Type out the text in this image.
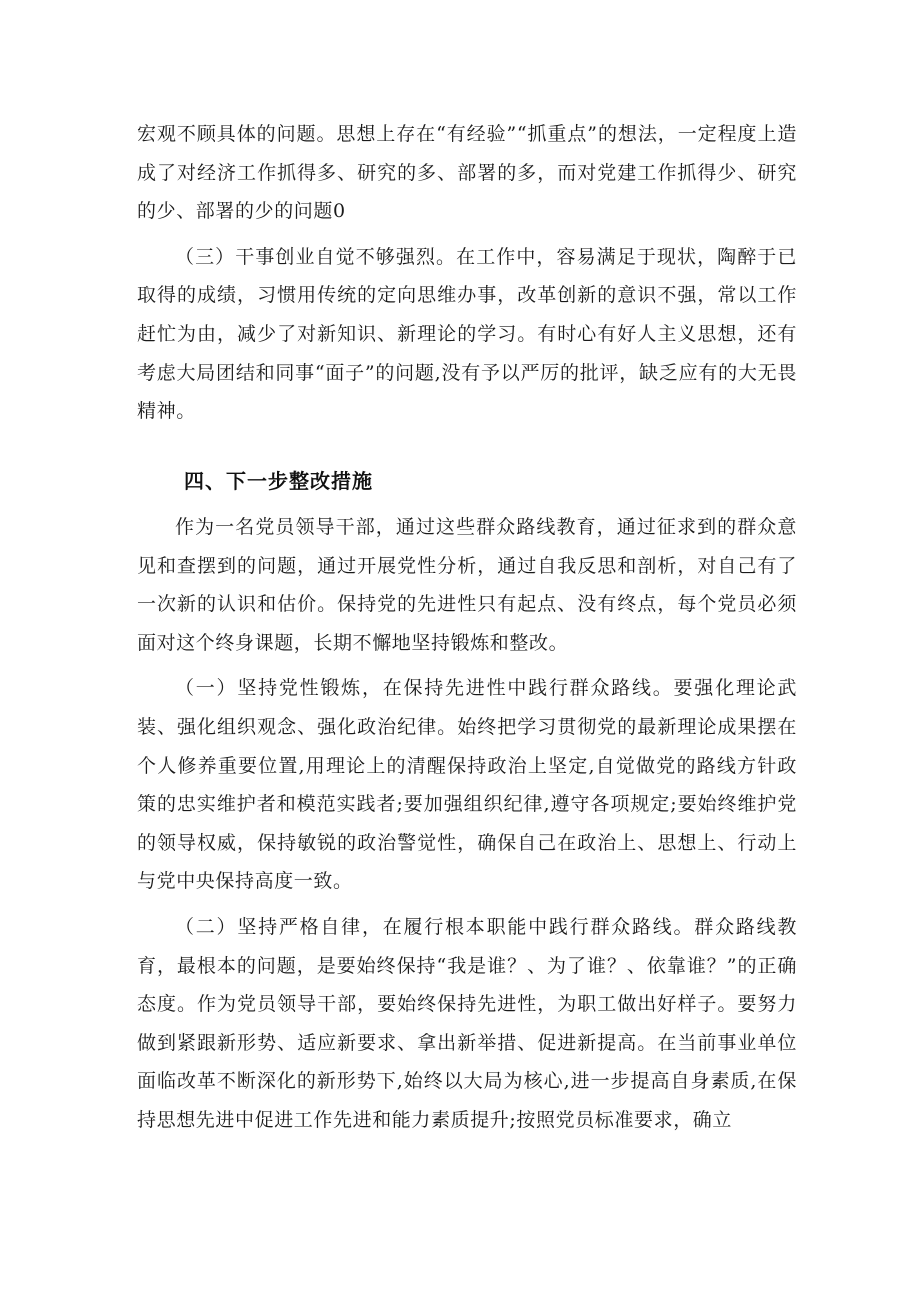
宏观不顾具体的问题。思想上存在“有经验”“抓重点”的想法，一定程度上造成了对经济工作抓得多、研究的多、部署的多，而对党建工作抓得少、研究的少、部署的少的问题0

（三）干事创业自觉不够强烈。在工作中，容易满足于现状，陶醉于已取得的成绩，习惯用传统的定向思维办事，改革创新的意识不强，常以工作赶忙为由，减少了对新知识、新理论的学习。有时心有好人主义思想，还有考虑大局团结和同事“面子”的问题,没有予以严厉的批评，缺乏应有的大无畏精神。

四、下一步整改措施

作为一名党员领导干部，通过这些群众路线教育，通过征求到的群众意见和查摆到的问题，通过开展党性分析，通过自我反思和剖析，对自己有了一次新的认识和估价。保持党的先进性只有起点、没有终点，每个党员必须面对这个终身课题，长期不懈地坚持锻炼和整改。

（一）坚持党性锻炼，在保持先进性中践行群众路线。要强化理论武装、强化组织观念、强化政治纪律。始终把学习贯彻党的最新理论成果摆在个人修养重要位置,用理论上的清醒保持政治上坚定,自觉做党的路线方针政策的忠实维护者和模范实践者;要加强组织纪律,遵守各项规定;要始终维护党的领导权威，保持敏锐的政治警觉性，确保自己在政治上、思想上、行动上与党中央保持高度一致。

（二）坚持严格自律，在履行根本职能中践行群众路线。群众路线教育，最根本的问题，是要始终保持“我是谁？、为了谁？、依靠谁？”的正确态度。作为党员领导干部，要始终保持先进性，为职工做出好样子。要努力做到紧跟新形势、适应新要求、拿出新举措、促进新提高。在当前事业单位面临改革不断深化的新形势下,始终以大局为核心,进一步提高自身素质,在保持思想先进中促进工作先进和能力素质提升;按照党员标准要求，确立
